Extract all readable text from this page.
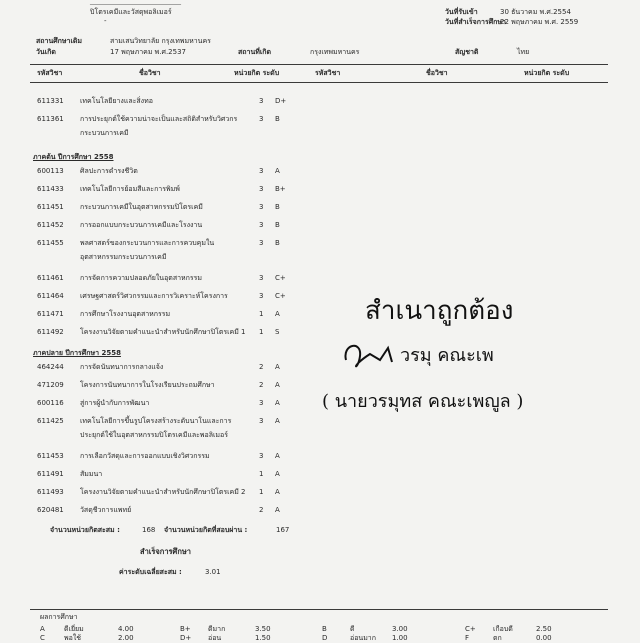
__________________________
ปิโตรเคมีและวัสดุพอลิเมอร์
-
วันที่รับเข้า	30 ธันวาคม พ.ศ.2554
วันที่สำเร็จการศึกษา
22 พฤษภาคม พ.ศ. 2559
สถานศึกษาเดิม	สามเสนวิทยาลัย กรุงเทพมหานคร
วันเกิด	17 พฤษภาคม พ.ศ.2537	สถานที่เกิด	กรุงเทพมหานคร	สัญชาติ	ไทย
รหัสวิชา	ชื่อวิชา	หน่วยกิต ระดับ	รหัสวิชา	ชื่อวิชา	หน่วยกิต ระดับ
611331 เทคโนโลยียางและสิ่งทอ	3 D+
611361 การประยุกต์ใช้ความน่าจะเป็นและสถิติสำหรับวิศวกร
กระบวนการเคมี
3 B
ภาคต้น ปีการศึกษา 2558
600113 ศิลปะการดำรงชีวิต	3 A
611433 เทคโนโลยีการย้อมสีและการพิมพ์	3 B+
611451 กระบวนการเคมีในอุตสาหกรรมปิโตรเคมี	3 B
611452 การออกแบบกระบวนการเคมีและโรงงาน	3 B
611455 พลศาสตร์ของกระบวนการและการควบคุมใน
อุตสาหกรรมกระบวนการเคมี
3 B
611461 การจัดการความปลอดภัยในอุตสาหกรรม	3 C+
611464 เศรษฐศาสตร์วิศวกรรมและการวิเคราะห์โครงการ	3 C+
611471 การศึกษาโรงงานอุตสาหกรรม	1 A
611492 โครงงานวิจัยตามคำแนะนำสำหรับนักศึกษาปิโตรเคมี 1 1 S
ภาคปลาย ปีการศึกษา 2558
464244 การจัดนันทนาการกลางแจ้ง	2 A
471209 โครงการนันทนาการในโรงเรียนประถมศึกษา	2 A
600116 สู่การผู้นำกับการพัฒนา	3 A
611425 เทคโนโลยีการขึ้นรูปโครงสร้างระดับนาโนและการ
ประยุกต์ใช้ในอุตสาหกรรมปิโตรเคมีและพอลิเมอร์
3 A
611453 การเลือกวัสดุและการออกแบบเชิงวิศวกรรม	3 A
611491 สัมมนา	1 A
611493 โครงงานวิจัยตามคำแนะนำสำหรับนักศึกษาปิโตรเคมี 2 1 A
620481 วัสดุชีวการแพทย์	2 A
จำนวนหน่วยกิตสะสม :	168 จำนวนหน่วยกิตที่สอบผ่าน :	167
สำเร็จการศึกษา
ค่าระดับเฉลี่ยสะสม :	3.01
สำเนาถูกต้อง
วรมุ คณะเพ
( นายวรมุทส คณะเพญูล )
ผลการศึกษา
A	ดีเยี่ยม	4.00	B+ ดีมาก	3.50	B	ดี	3.00	C+ เกือบดี	2.50
C	พอใช้	2.00	D+ อ่อน	1.50	D	อ่อนมาก 1.00	F	ตก	0.00
